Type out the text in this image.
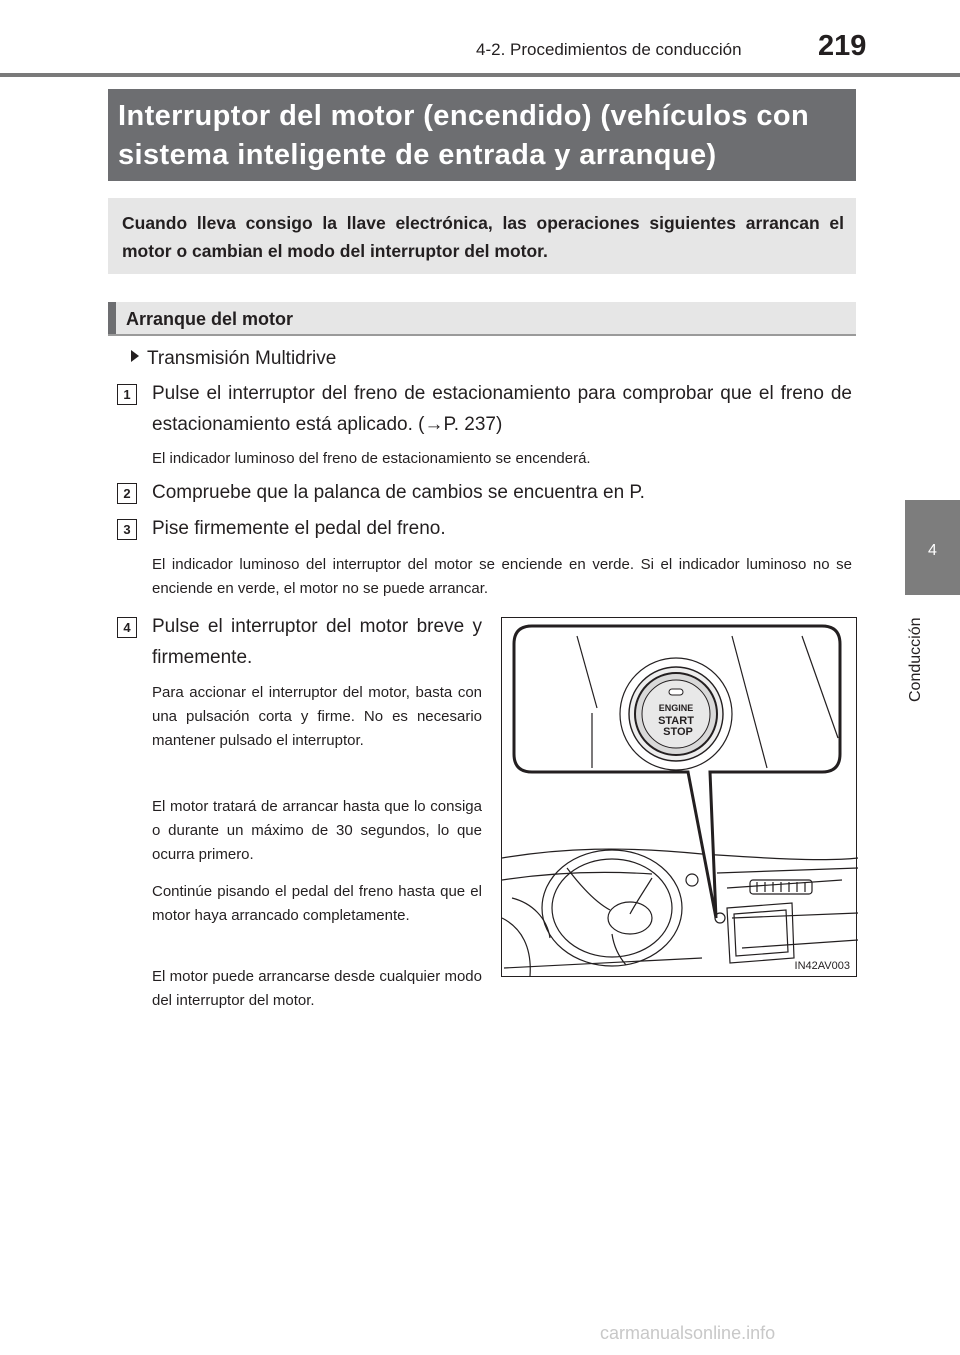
4-2. Procedimientos de conducción	219
4
Conducción
Interruptor del motor (encendido) (vehículos con sistema inteligente de entrada y arranque)
Cuando lleva consigo la llave electrónica, las operaciones siguientes arrancan el motor o cambian el modo del interruptor del motor.
Arranque del motor
Transmisión Multidrive
1	Pulse el interruptor del freno de estacionamiento para comprobar que el freno de estacionamiento está aplicado. (→P. 237)
El indicador luminoso del freno de estacionamiento se encenderá.
2	Compruebe que la palanca de cambios se encuentra en P.
3	Pise firmemente el pedal del freno.
El indicador luminoso del interruptor del motor se enciende en verde. Si el indicador luminoso no se enciende en verde, el motor no se puede arrancar.
4	Pulse el interruptor del motor breve y firmemente.
Para accionar el interruptor del motor, basta con una pulsación corta y firme. No es necesario mantener pulsado el interruptor.
El motor tratará de arrancar hasta que lo consiga o durante un máximo de 30 segundos, lo que ocurra primero.
Continúe pisando el pedal del freno hasta que el motor haya arrancado completamente.
El motor puede arrancarse desde cualquier modo del interruptor del motor.
ENGINE
START
STOP
IN42AV003
carmanualsonline.info
